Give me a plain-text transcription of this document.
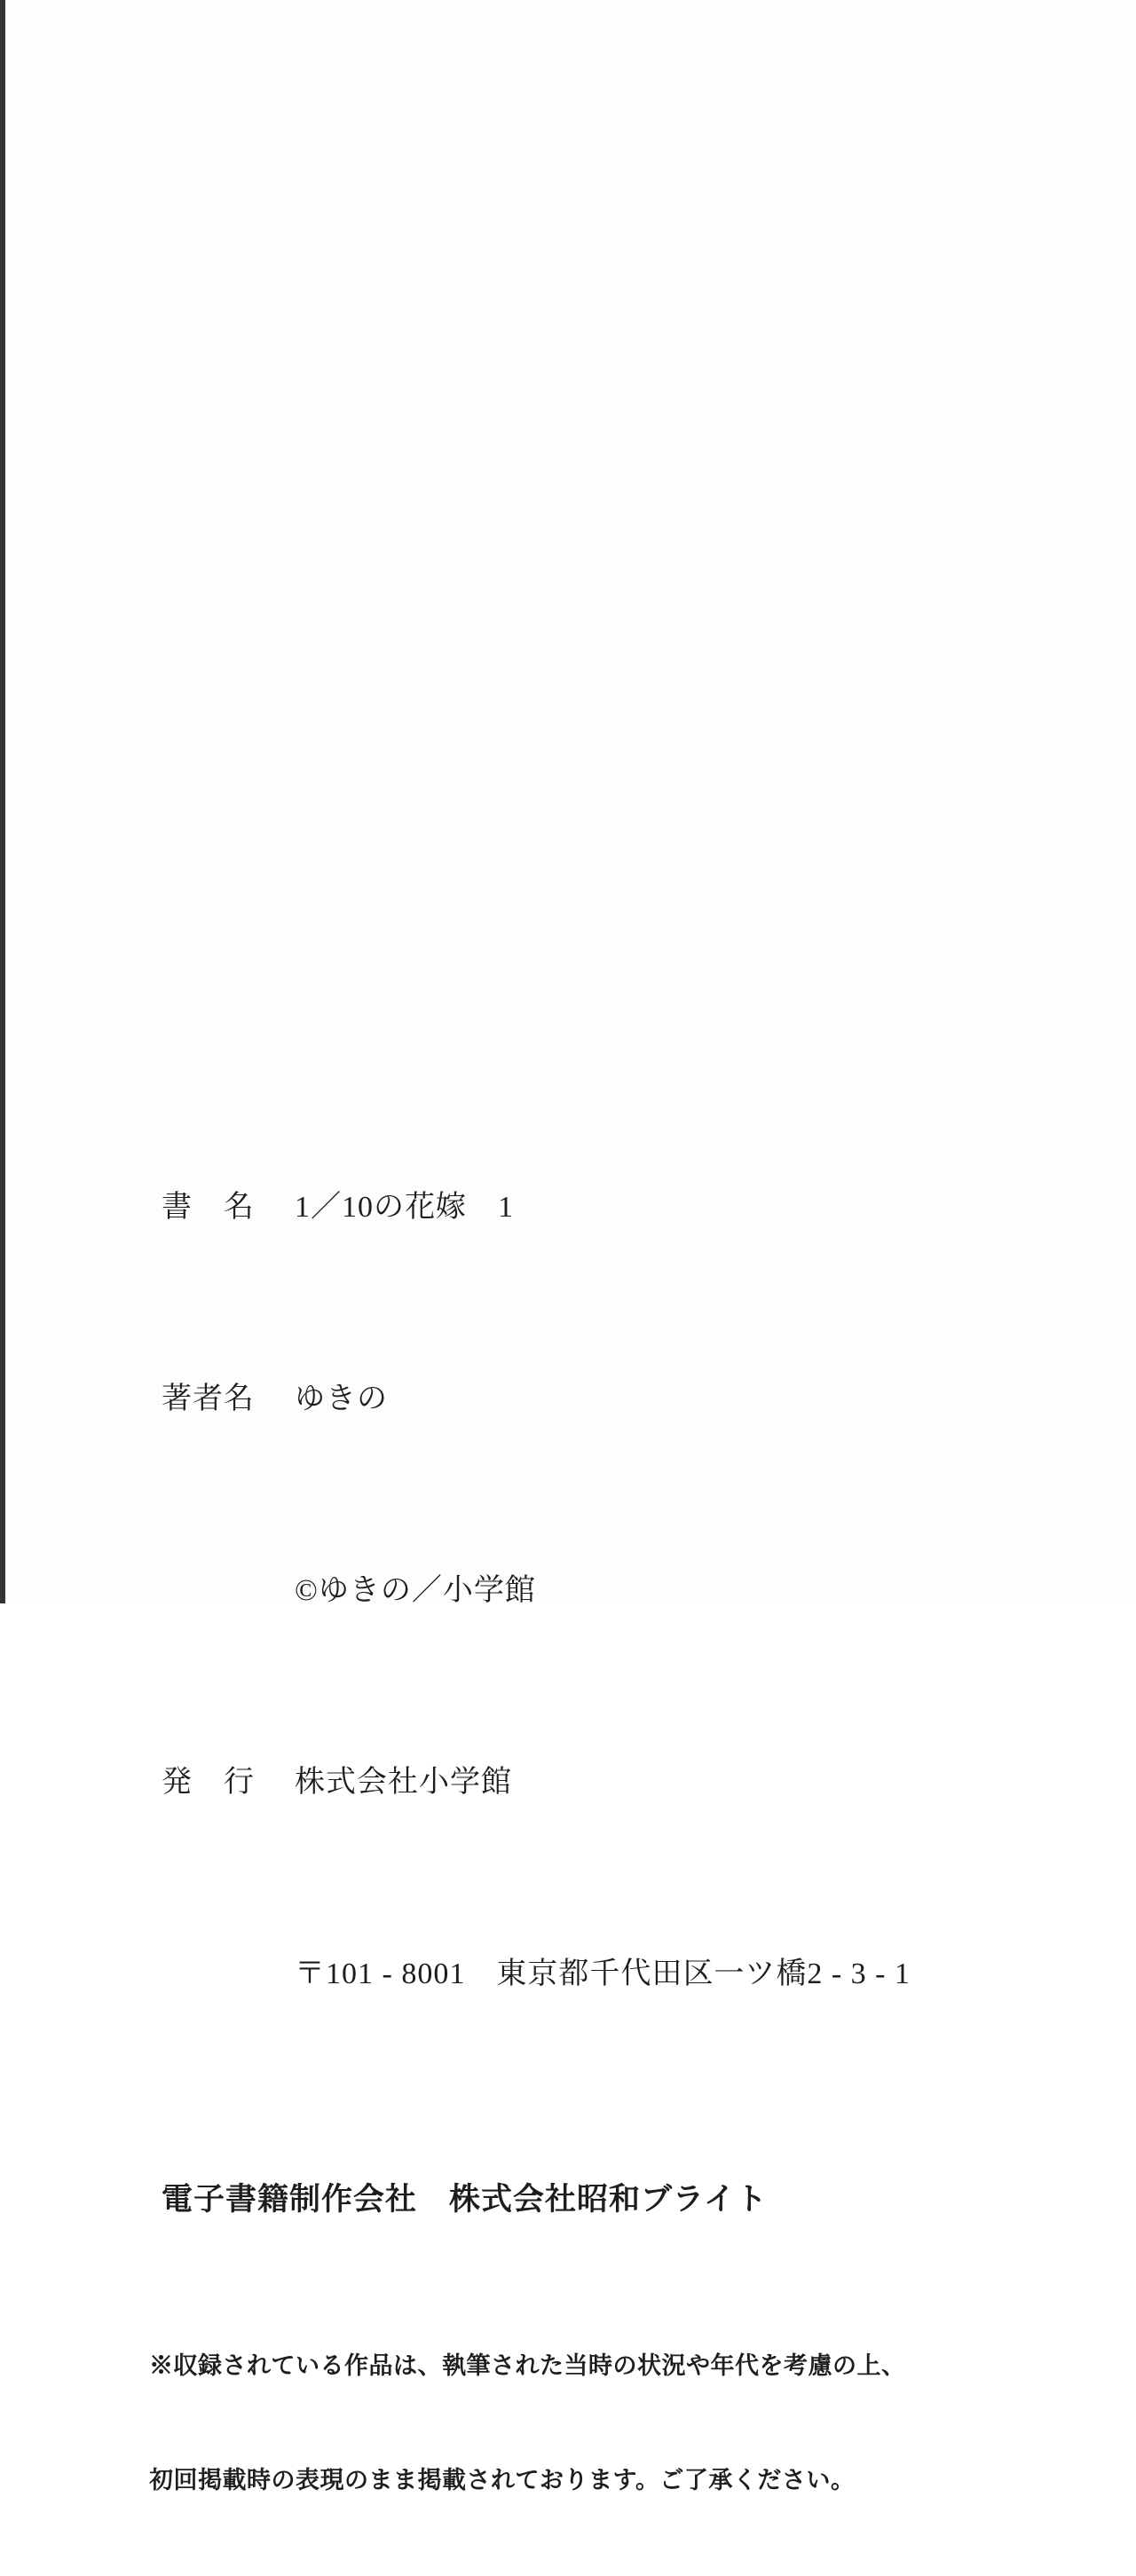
書　名 1／10の花嫁　1

著者名 ゆきの

©ゆきの／小学館

発　行 株式会社小学館

〒101 - 8001　東京都千代田区一ツ橋2 - 3 - 1

電子書籍制作会社　株式会社昭和ブライト

※収録されている作品は、執筆された当時の状況や年代を考慮の上、

初回掲載時の表現のまま掲載されております。ご了承ください。
